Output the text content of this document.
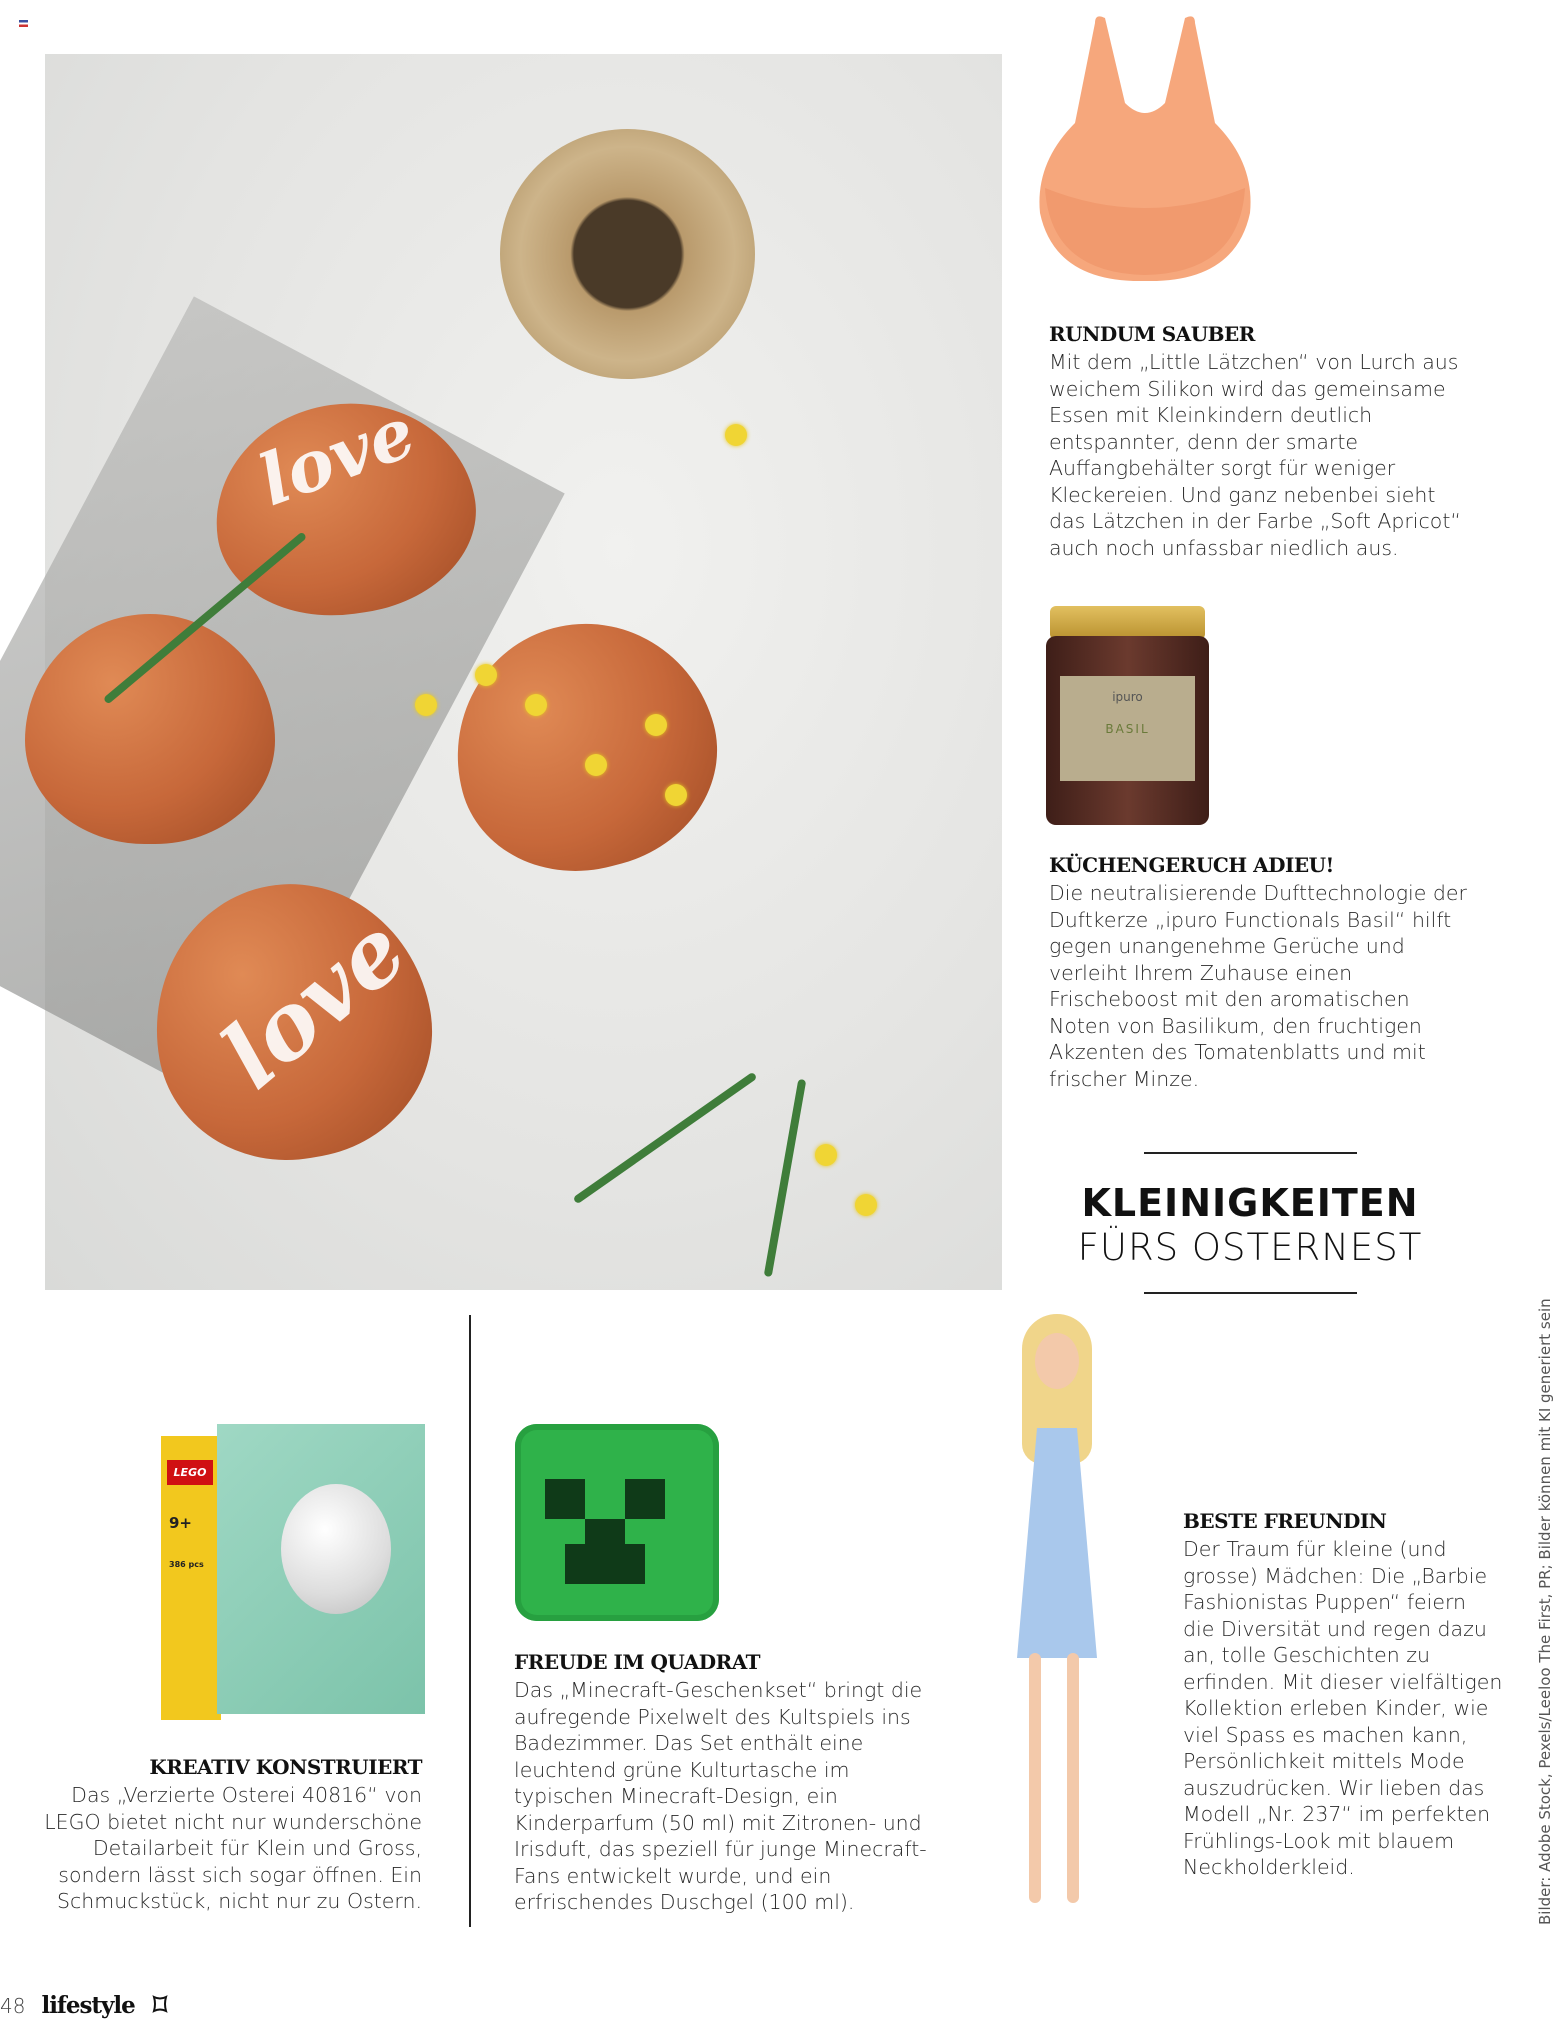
love
love
RUNDUM SAUBER
Mit dem „Little Lätzchen“ von Lurch aus weichem Silikon wird das gemeinsame Essen mit Kleinkindern deutlich entspannter, denn der smarte Auffangbehälter sorgt für weniger Kleckereien. Und ganz nebenbei sieht das Lätzchen in der Farbe „Soft Apricot“ auch noch unfassbar niedlich aus.
ipuro
BASIL
KÜCHENGERUCH ADIEU!
Die neutralisierende Dufttechnologie der Duftkerze „ipuro Functionals Basil“ hilft gegen unangenehme Gerüche und verleiht Ihrem Zuhause einen Frischeboost mit den aromatischen Noten von Basilikum, den fruchtigen Akzenten des Tomatenblatts und mit frischer Minze.
KLEINIGKEITEN
FÜRS OSTERNEST
LEGO
9+
386 pcs
KREATIV KONSTRUIERT
Das „Verzierte Osterei 40816“ von LEGO bietet nicht nur wunderschöne Detailarbeit für Klein und Gross, sondern lässt sich sogar öffnen. Ein Schmuckstück, nicht nur zu Ostern.
FREUDE IM QUADRAT
Das „Minecraft-Geschenkset“ bringt die aufregende Pixelwelt des Kultspiels ins Badezimmer. Das Set enthält eine leuchtend grüne Kulturtasche im typischen Minecraft-Design, ein Kinderparfum (50 ml) mit Zitronen- und Irisduft, das speziell für junge Minecraft-Fans entwickelt wurde, und ein erfrischendes Duschgel (100 ml).
BESTE FREUNDIN
Der Traum für kleine (und grosse) Mädchen: Die „Barbie Fashionistas Puppen“ feiern die Diversität und regen dazu an, tolle Geschichten zu erfinden. Mit dieser vielfältigen Kollektion erleben Kinder, wie viel Spass es machen kann, Persönlichkeit mittels Mode auszudrücken. Wir lieben das Modell „Nr. 237“ im perfekten Frühlings-Look mit blauem Neckholderkleid.	Bilder: Adobe Stock, Pexels/Leeloo The First, PR; Bilder können mit KI generiert sein
48 lifestyle
